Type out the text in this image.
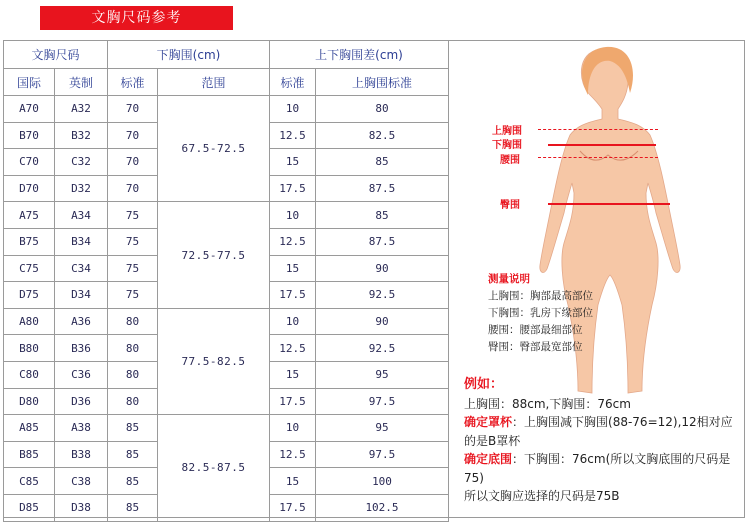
文胸尺码参考
文胸尺码		下胸围(cm)		上下胸围差(cm)	
国际	英制	标准	范围	标准	上胸围标准
A70	A32	70	67.5-72.5	10	80
B70	B32	70		12.5	82.5
C70	C32	70		15	85
D70	D32	70		17.5	87.5
A75	A34	75	72.5-77.5	10	85
B75	B34	75		12.5	87.5
C75	C34	75		15	90
D75	D34	75		17.5	92.5
A80	A36	80	77.5-82.5	10	90
B80	B36	80		12.5	92.5
C80	C36	80		15	95
D80	D36	80		17.5	97.5
A85	A38	85	82.5-87.5	10	95
B85	B38	85		12.5	97.5
C85	C38	85		15	100
D85	D38	85		17.5	102.5
上胸围
下胸围
腰围
臀围
测量说明
上胸围：胸部最高部位
下胸围：乳房下缘部位
腰围：腰部最细部位
臀围：臀部最宽部位
例如：
上胸围：88cm,下胸围：76cm
确定罩杯：上胸围减下胸围(88-76=12),12相对应的是B罩杯
确定底围：下胸围：76cm(所以文胸底围的尺码是75)
所以文胸应选择的尺码是75B
